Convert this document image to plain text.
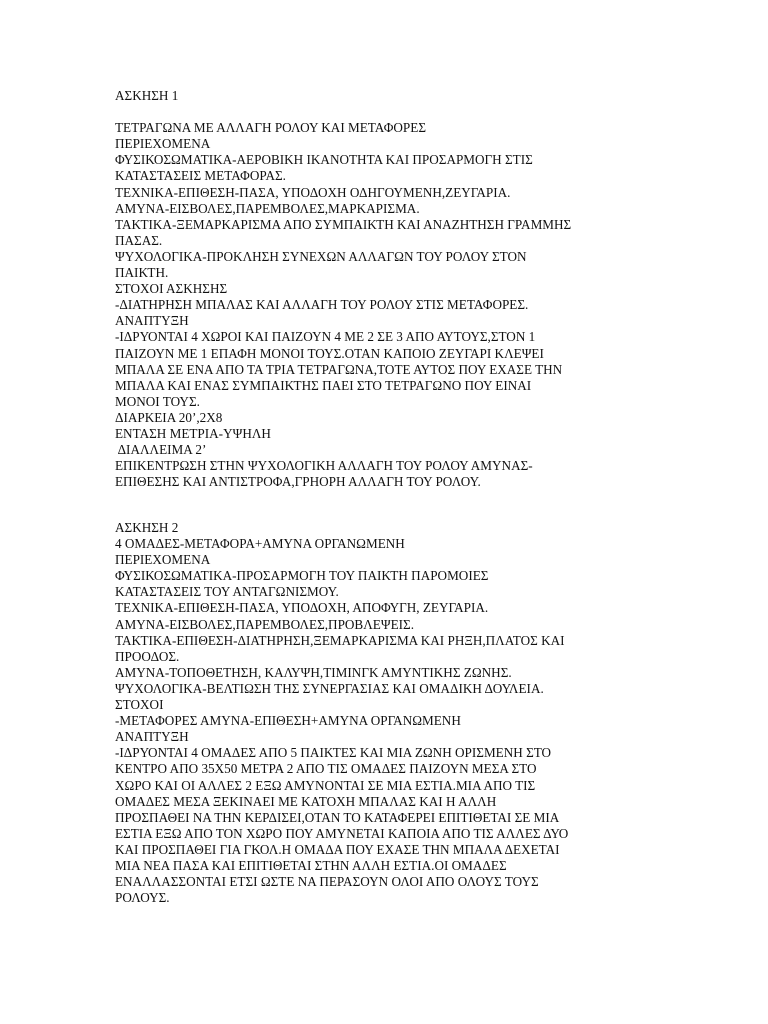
ΑΣΚΗΣΗ 1
ΤΕΤΡΑΓΩΝΑ ΜΕ ΑΛΛΑΓΗ ΡΟΛΟΥ ΚΑΙ ΜΕΤΑΦΟΡΕΣ
ΠΕΡΙΕΧΟΜΕΝΑ
ΦΥΣΙΚΟΣΩΜΑΤΙΚΑ-ΑΕΡΟΒΙΚΗ ΙΚΑΝΟΤΗΤΑ ΚΑΙ ΠΡΟΣΑΡΜΟΓΗ ΣΤΙΣ
ΚΑΤΑΣΤΑΣΕΙΣ ΜΕΤΑΦΟΡΑΣ.
ΤΕΧΝΙΚΑ-ΕΠΙΘΕΣΗ-ΠΑΣΑ, ΥΠΟΔΟΧΗ ΟΔΗΓΟΥΜΕΝΗ,ΖΕΥΓΑΡΙΑ.
ΑΜΥΝΑ-ΕΙΣΒΟΛΕΣ,ΠΑΡΕΜΒΟΛΕΣ,ΜΑΡΚΑΡΙΣΜΑ.
ΤΑΚΤΙΚΑ-ΞΕΜΑΡΚΑΡΙΣΜΑ ΑΠΟ ΣΥΜΠΑΙΚΤΗ ΚΑΙ ΑΝΑΖΗΤΗΣΗ ΓΡΑΜΜΗΣ
ΠΑΣΑΣ.
ΨΥΧΟΛΟΓΙΚΑ-ΠΡΟΚΛΗΣΗ ΣΥΝΕΧΩΝ ΑΛΛΑΓΩΝ ΤΟΥ ΡΟΛΟΥ ΣΤΟΝ
ΠΑΙΚΤΗ.
ΣΤΟΧΟΙ ΑΣΚΗΣΗΣ
-ΔΙΑΤΗΡΗΣΗ ΜΠΑΛΑΣ ΚΑΙ ΑΛΛΑΓΗ ΤΟΥ ΡΟΛΟΥ ΣΤΙΣ ΜΕΤΑΦΟΡΕΣ.
ΑΝΑΠΤΥΞΗ
-ΙΔΡΥΟΝΤΑΙ 4 ΧΩΡΟΙ ΚΑΙ ΠΑΙΖΟΥΝ 4 ΜΕ 2 ΣΕ 3 ΑΠΟ ΑΥΤΟΥΣ,ΣΤΟΝ 1
ΠΑΙΖΟΥΝ ΜΕ 1 ΕΠΑΦΗ ΜΟΝΟΙ ΤΟΥΣ.ΟΤΑΝ ΚΑΠΟΙΟ ΖΕΥΓΑΡΙ ΚΛΕΨΕΙ
ΜΠΑΛΑ ΣΕ ΕΝΑ ΑΠΟ ΤΑ ΤΡΙΑ ΤΕΤΡΑΓΩΝΑ,ΤΟΤΕ ΑΥΤΟΣ ΠΟΥ ΕΧΑΣΕ ΤΗΝ
ΜΠΑΛΑ ΚΑΙ ΕΝΑΣ ΣΥΜΠΑΙΚΤΗΣ ΠΑΕΙ ΣΤΟ ΤΕΤΡΑΓΩΝΟ ΠΟΥ ΕΙΝΑΙ
ΜΟΝΟΙ ΤΟΥΣ.
ΔΙΑΡΚΕΙΑ 20’,2Χ8
ΕΝΤΑΣΗ ΜΕΤΡΙΑ-ΥΨΗΛΗ
ΔΙΑΛΛΕΙΜΑ 2’
ΕΠΙΚΕΝΤΡΩΣΗ ΣΤΗΝ ΨΥΧΟΛΟΓΙΚΗ ΑΛΛΑΓΗ ΤΟΥ ΡΟΛΟΥ ΑΜΥΝΑΣ-
ΕΠΙΘΕΣΗΣ ΚΑΙ ΑΝΤΙΣΤΡΟΦΑ,ΓΡΗΟΡΗ ΑΛΛΑΓΗ ΤΟΥ ΡΟΛΟΥ.
ΑΣΚΗΣΗ 2
4 ΟΜΑΔΕΣ-ΜΕΤΑΦΟΡΑ+ΑΜΥΝΑ ΟΡΓΑΝΩΜΕΝΗ
ΠΕΡΙΕΧΟΜΕΝΑ
ΦΥΣΙΚΟΣΩΜΑΤΙΚΑ-ΠΡΟΣΑΡΜΟΓΗ ΤΟΥ ΠΑΙΚΤΗ ΠΑΡΟΜΟΙΕΣ
ΚΑΤΑΣΤΑΣΕΙΣ ΤΟΥ ΑΝΤΑΓΩΝΙΣΜΟΥ.
ΤΕΧΝΙΚΑ-ΕΠΙΘΕΣΗ-ΠΑΣΑ, ΥΠΟΔΟΧΗ, ΑΠΟΦΥΓΗ, ΖΕΥΓΑΡΙΑ.
ΑΜΥΝΑ-ΕΙΣΒΟΛΕΣ,ΠΑΡΕΜΒΟΛΕΣ,ΠΡΟΒΛΕΨΕΙΣ.
ΤΑΚΤΙΚΑ-ΕΠΙΘΕΣΗ-ΔΙΑΤΗΡΗΣΗ,ΞΕΜΑΡΚΑΡΙΣΜΑ ΚΑΙ ΡΗΞΗ,ΠΛΑΤΟΣ ΚΑΙ
ΠΡΟΟΔΟΣ.
ΑΜΥΝΑ-ΤΟΠΟΘΕΤΗΣΗ, ΚΑΛΥΨΗ,ΤΙΜΙΝΓΚ ΑΜΥΝΤΙΚΗΣ ΖΩΝΗΣ.
ΨΥΧΟΛΟΓΙΚΑ-ΒΕΛΤΙΩΣΗ ΤΗΣ ΣΥΝΕΡΓΑΣΙΑΣ ΚΑΙ ΟΜΑΔΙΚΗ ΔΟΥΛΕΙΑ.
ΣΤΟΧΟΙ
-ΜΕΤΑΦΟΡΕΣ ΑΜΥΝΑ-ΕΠΙΘΕΣΗ+ΑΜΥΝΑ ΟΡΓΑΝΩΜΕΝΗ
ΑΝΑΠΤΥΞΗ
-ΙΔΡΥΟΝΤΑΙ 4 ΟΜΑΔΕΣ ΑΠΟ 5 ΠΑΙΚΤΕΣ ΚΑΙ ΜΙΑ ΖΩΝΗ ΟΡΙΣΜΕΝΗ ΣΤΟ
ΚΕΝΤΡΟ ΑΠΟ 35Χ50 ΜΕΤΡΑ 2 ΑΠΟ ΤΙΣ ΟΜΑΔΕΣ ΠΑΙΖΟΥΝ ΜΕΣΑ ΣΤΟ
ΧΩΡΟ ΚΑΙ ΟΙ ΑΛΛΕΣ 2 ΕΞΩ ΑΜΥΝΟΝΤΑΙ ΣΕ ΜΙΑ ΕΣΤΙΑ.ΜΙΑ ΑΠΟ ΤΙΣ
ΟΜΑΔΕΣ ΜΕΣΑ ΞΕΚΙΝΑΕΙ ΜΕ ΚΑΤΟΧΗ ΜΠΑΛΑΣ ΚΑΙ Η ΑΛΛΗ
ΠΡΟΣΠΑΘΕΙ ΝΑ ΤΗΝ ΚΕΡΔΙΣΕΙ,ΟΤΑΝ ΤΟ ΚΑΤΑΦΕΡΕΙ ΕΠΙΤΙΘΕΤΑΙ ΣΕ ΜΙΑ
ΕΣΤΙΑ ΕΞΩ ΑΠΟ ΤΟΝ ΧΩΡΟ ΠΟΥ ΑΜΥΝΕΤΑΙ ΚΑΠΟΙΑ ΑΠΟ ΤΙΣ ΑΛΛΕΣ ΔΥΟ
ΚΑΙ ΠΡΟΣΠΑΘΕΙ ΓΙΑ ΓΚΟΛ.Η ΟΜΑΔΑ ΠΟΥ ΕΧΑΣΕ ΤΗΝ ΜΠΑΛΑ ΔΕΧΕΤΑΙ
ΜΙΑ ΝΕΑ ΠΑΣΑ ΚΑΙ ΕΠΙΤΙΘΕΤΑΙ ΣΤΗΝ ΑΛΛΗ ΕΣΤΙΑ.ΟΙ ΟΜΑΔΕΣ
ΕΝΑΛΛΑΣΣΟΝΤΑΙ ΕΤΣΙ ΩΣΤΕ ΝΑ ΠΕΡΑΣΟΥΝ ΟΛΟΙ ΑΠΟ ΟΛΟΥΣ ΤΟΥΣ
ΡΟΛΟΥΣ.
